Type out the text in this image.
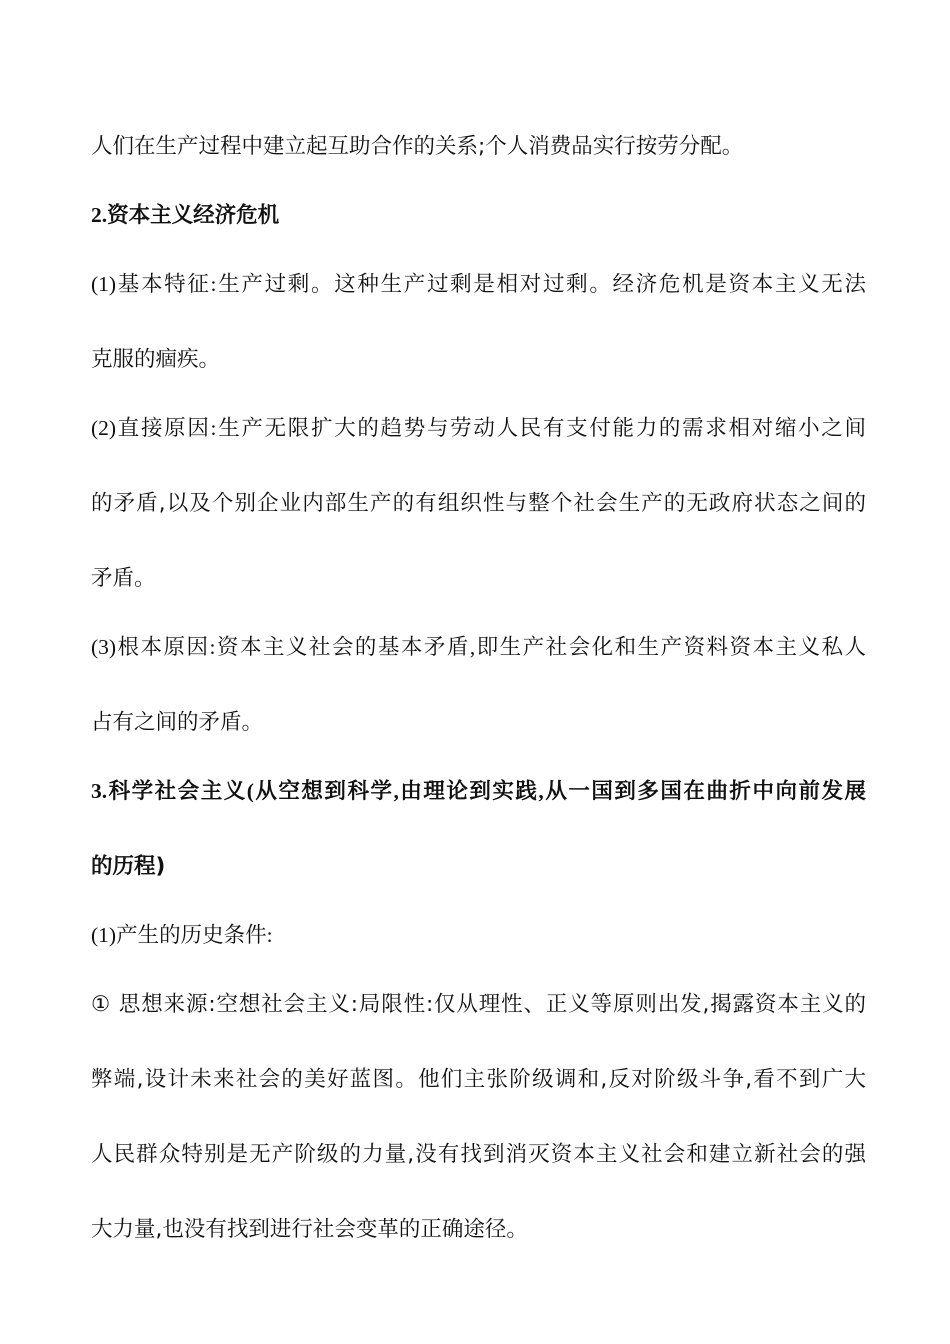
人们在生产过程中建立起互助合作的关系;个人消费品实行按劳分配。

2.资本主义经济危机

(1)基本特征:生产过剩。这种生产过剩是相对过剩。经济危机是资本主义无法

克服的痼疾。

(2)直接原因:生产无限扩大的趋势与劳动人民有支付能力的需求相对缩小之间

的矛盾,以及个别企业内部生产的有组织性与整个社会生产的无政府状态之间的

矛盾。

(3)根本原因:资本主义社会的基本矛盾,即生产社会化和生产资料资本主义私人

占有之间的矛盾。

3.科学社会主义(从空想到科学,由理论到实践,从一国到多国在曲折中向前发展

的历程)

(1)产生的历史条件:

① 思想来源:空想社会主义:局限性:仅从理性、正义等原则出发,揭露资本主义的

弊端,设计未来社会的美好蓝图。他们主张阶级调和,反对阶级斗争,看不到广大

人民群众特别是无产阶级的力量,没有找到消灭资本主义社会和建立新社会的强

大力量,也没有找到进行社会变革的正确途径。
